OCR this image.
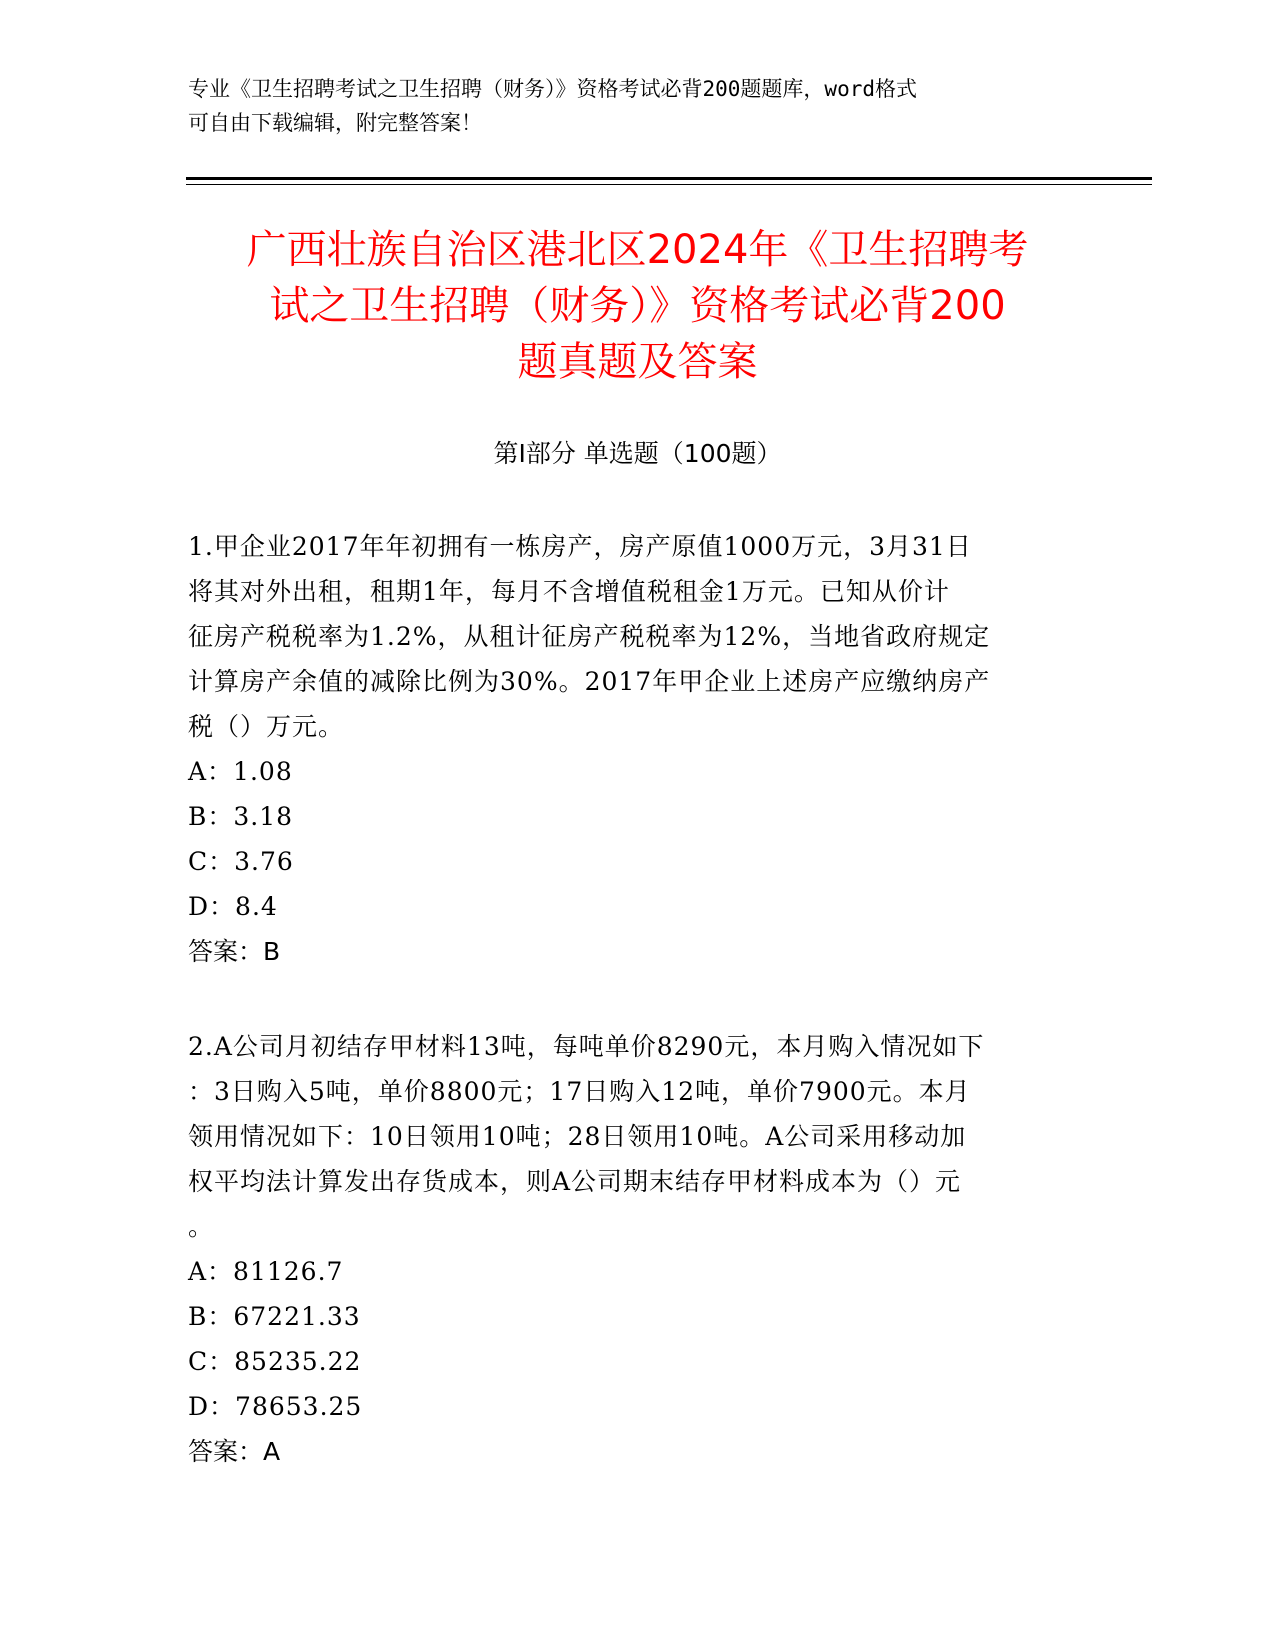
专业《卫生招聘考试之卫生招聘（财务）》资格考试必背200题题库，word格式
可自由下载编辑，附完整答案！
广西壮族自治区港北区2024年《卫生招聘考
试之卫生招聘（财务）》资格考试必背200
题真题及答案
第I部分 单选题（100题）
1.甲企业2017年年初拥有一栋房产，房产原值1000万元，3月31日
将其对外出租，租期1年，每月不含增值税租金1万元。已知从价计
征房产税税率为1.2%，从租计征房产税税率为12%，当地省政府规定
计算房产余值的减除比例为30%。2017年甲企业上述房产应缴纳房产
税（）万元。
A：1.08
B：3.18
C：3.76
D：8.4
答案：B
2.A公司月初结存甲材料13吨，每吨单价8290元，本月购入情况如下
：3日购入5吨，单价8800元；17日购入12吨，单价7900元。本月
领用情况如下：10日领用10吨；28日领用10吨。A公司采用移动加
权平均法计算发出存货成本，则A公司期末结存甲材料成本为（）元
。
A：81126.7
B：67221.33
C：85235.22
D：78653.25
答案：A
